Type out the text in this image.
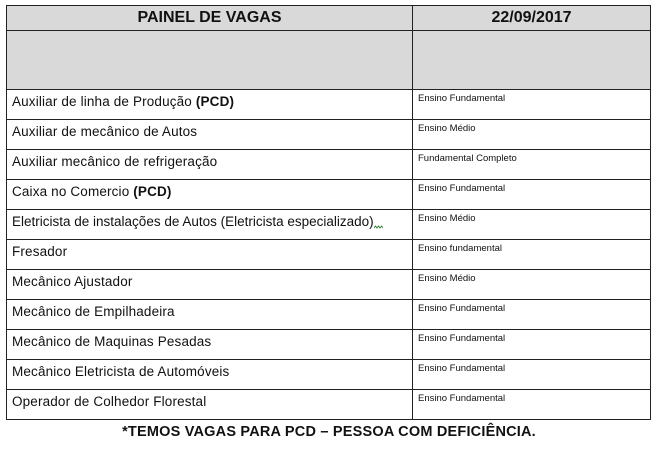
PAINEL DE VAGAS	22/09/2017

Auxiliar de linha de Produção (PCD)	Ensino Fundamental

Auxiliar de mecânico de Autos	Ensino Médio

Auxiliar mecânico de refrigeração	Fundamental Completo

Caixa no Comercio (PCD)	Ensino Fundamental

Eletricista de instalações de Autos (Eletricista especializado)	Ensino Médio

Fresador	Ensino fundamental

Mecânico Ajustador	Ensino Médio

Mecânico de Empilhadeira	Ensino Fundamental

Mecânico de Maquinas Pesadas	Ensino Fundamental

Mecânico Eletricista de Automóveis	Ensino Fundamental

Operador de Colhedor Florestal	Ensino Fundamental
*TEMOS VAGAS PARA PCD – PESSOA COM DEFICIÊNCIA.
